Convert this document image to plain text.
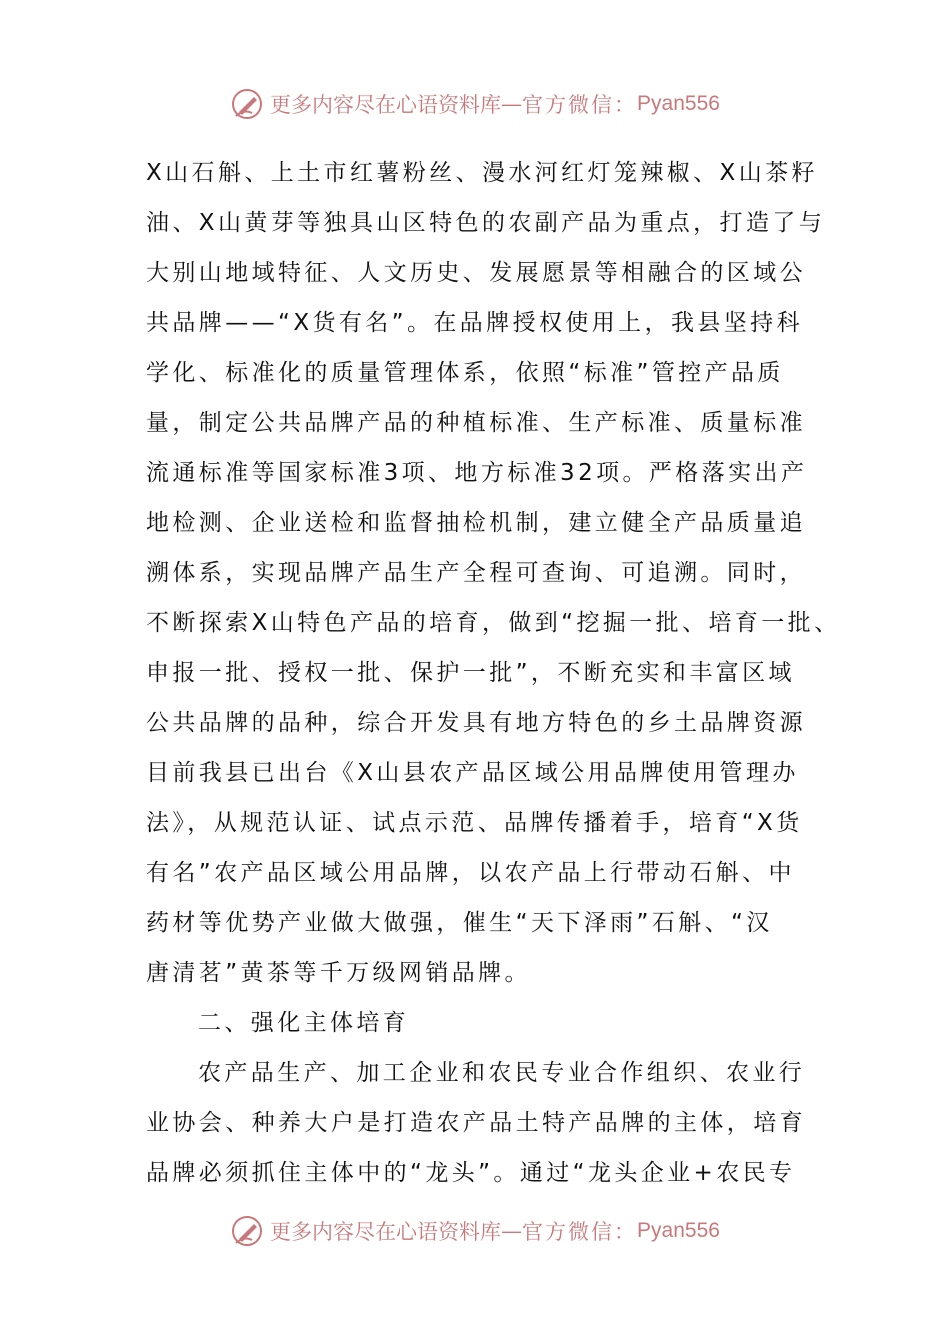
更多内容尽在心语资料库 — 官方微信： Pyan556
X山石斛、上土市红薯粉丝、漫水河红灯笼辣椒、X山茶籽
油、X山黄芽等独具山区特色的农副产品为重点，打造了与
大别山地域特征、人文历史、发展愿景等相融合的区域公
共品牌——“X货有名”。在品牌授权使用上，我县坚持科
学化、标准化的质量管理体系，依照“标准”管控产品质
量，制定公共品牌产品的种植标准、生产标准、质量标准
流通标准等国家标准3项、地方标准32项。严格落实出产
地检测、企业送检和监督抽检机制，建立健全产品质量追
溯体系，实现品牌产品生产全程可查询、可追溯。同时，
不断探索X山特色产品的培育，做到“挖掘一批、培育一批、
申报一批、授权一批、保护一批”，不断充实和丰富区域
公共品牌的品种，综合开发具有地方特色的乡土品牌资源
目前我县已出台《X山县农产品区域公用品牌使用管理办
法》，从规范认证、试点示范、品牌传播着手，培育“X货
有名”农产品区域公用品牌，以农产品上行带动石斛、中
药材等优势产业做大做强，催生“天下泽雨”石斛、“汉
唐清茗”黄茶等千万级网销品牌。
二、强化主体培育
农产品生产、加工企业和农民专业合作组织、农业行
业协会、种养大户是打造农产品土特产品牌的主体，培育
品牌必须抓住主体中的“龙头”。通过“龙头企业+农民专
更多内容尽在心语资料库 — 官方微信： Pyan556
